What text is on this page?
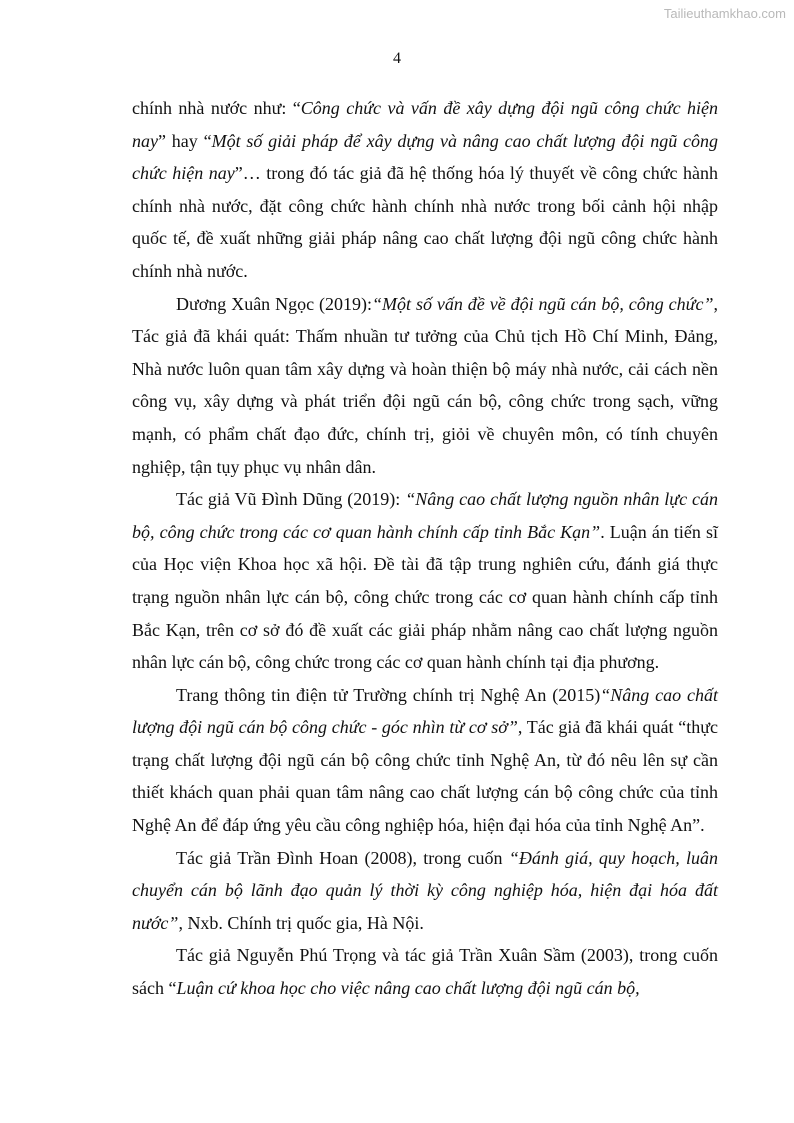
Tailieuthamkhao.com
4

chính nhà nước như: “Công chức và vấn đề xây dựng đội ngũ công chức hiện nay” hay “Một số giải pháp để xây dựng và nâng cao chất lượng đội ngũ công chức hiện nay”… trong đó tác giả đã hệ thống hóa lý thuyết về công chức hành chính nhà nước, đặt công chức hành chính nhà nước trong bối cảnh hội nhập quốc tế, đề xuất những giải pháp nâng cao chất lượng đội ngũ công chức hành chính nhà nước.

Dương Xuân Ngọc (2019):“Một số vấn đề về đội ngũ cán bộ, công chức”, Tác giả đã khái quát: Thấm nhuần tư tưởng của Chủ tịch Hồ Chí Minh, Đảng, Nhà nước luôn quan tâm xây dựng và hoàn thiện bộ máy nhà nước, cải cách nền công vụ, xây dựng và phát triển đội ngũ cán bộ, công chức trong sạch, vững mạnh, có phẩm chất đạo đức, chính trị, giỏi về chuyên môn, có tính chuyên nghiệp, tận tụy phục vụ nhân dân.

Tác giả Vũ Đình Dũng (2019): “Nâng cao chất lượng nguồn nhân lực cán bộ, công chức trong các cơ quan hành chính cấp tỉnh Bắc Kạn”. Luận án tiến sĩ của Học viện Khoa học xã hội. Đề tài đã tập trung nghiên cứu, đánh giá thực trạng nguồn nhân lực cán bộ, công chức trong các cơ quan hành chính cấp tỉnh Bắc Kạn, trên cơ sở đó đề xuất các giải pháp nhằm nâng cao chất lượng nguồn nhân lực cán bộ, công chức trong các cơ quan hành chính tại địa phương.

Trang thông tin điện tử Trường chính trị Nghệ An (2015)“Nâng cao chất lượng đội ngũ cán bộ công chức - góc nhìn từ cơ sở”, Tác giả đã khái quát “thực trạng chất lượng đội ngũ cán bộ công chức tỉnh Nghệ An, từ đó nêu lên sự cần thiết khách quan phải quan tâm nâng cao chất lượng cán bộ công chức của tỉnh Nghệ An để đáp ứng yêu cầu công nghiệp hóa, hiện đại hóa của tỉnh Nghệ An”.

Tác giả Trần Đình Hoan (2008), trong cuốn “Đánh giá, quy hoạch, luân chuyển cán bộ lãnh đạo quản lý thời kỳ công nghiệp hóa, hiện đại hóa đất nước”, Nxb. Chính trị quốc gia, Hà Nội.

Tác giả Nguyễn Phú Trọng và tác giả Trần Xuân Sầm (2003), trong cuốn sách “Luận cứ khoa học cho việc nâng cao chất lượng đội ngũ cán bộ,
